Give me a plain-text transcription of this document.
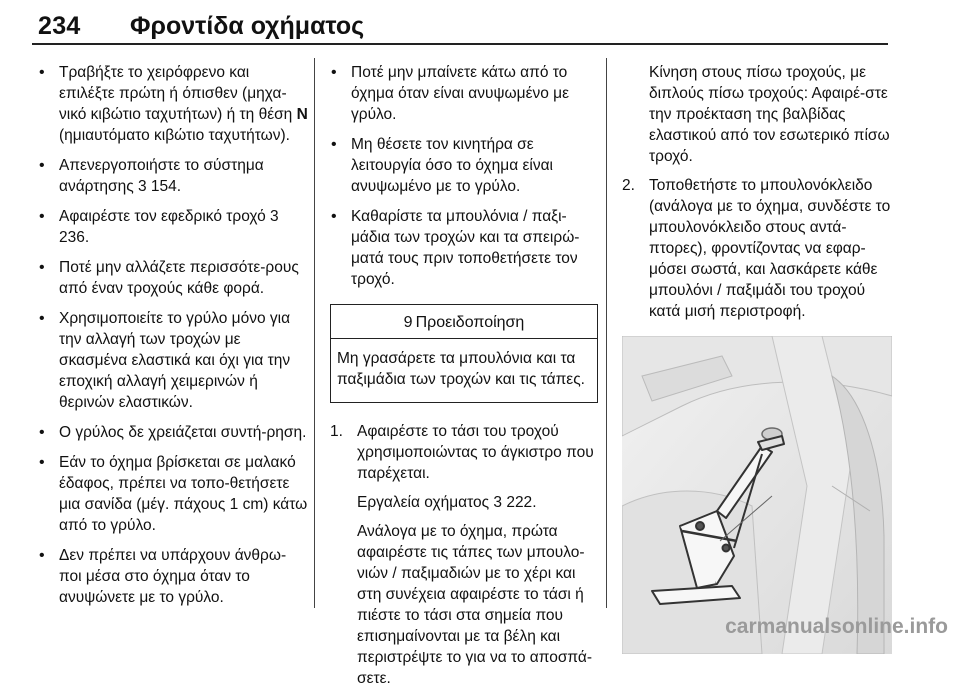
234 Φροντίδα οχήματος
• Τραβήξτε το χειρόφρενο και επιλέξτε πρώτη ή όπισθεν (μηχα-νικό κιβώτιο ταχυτήτων) ή τη θέση N (ημιαυτόματο κιβώτιο ταχυτήτων).
• Απενεργοποιήστε το σύστημα ανάρτησης 3 154.
• Αφαιρέστε τον εφεδρικό τροχό 3 236.
• Ποτέ μην αλλάζετε περισσότε-ρους από έναν τροχούς κάθε φορά.
• Χρησιμοποιείτε το γρύλο μόνο για την αλλαγή των τροχών με σκασμένα ελαστικά και όχι για την εποχική αλλαγή χειμερινών ή θερινών ελαστικών.
• Ο γρύλος δε χρειάζεται συντή-ρηση.
• Εάν το όχημα βρίσκεται σε μαλακό έδαφος, πρέπει να τοπο-θετήσετε μια σανίδα (μέγ. πάχους 1 cm) κάτω από το γρύλο.
• Δεν πρέπει να υπάρχουν άνθρω-ποι μέσα στο όχημα όταν το ανυψώνετε με το γρύλο.
• Ποτέ μην μπαίνετε κάτω από το όχημα όταν είναι ανυψωμένο με γρύλο.
• Μη θέσετε τον κινητήρα σε λειτουργία όσο το όχημα είναι ανυψωμένο με το γρύλο.
• Καθαρίστε τα μπουλόνια / παξι-μάδια των τροχών και τα σπειρώ-ματά τους πριν τοποθετήσετε τον τροχό.
9 Προειδοποίηση
Μη γρασάρετε τα μπουλόνια και τα παξιμάδια των τροχών και τις τάπες.
1. Αφαιρέστε το τάσι του τροχού χρησιμοποιώντας το άγκιστρο που παρέχεται.
Εργαλεία οχήματος 3 222.
Ανάλογα με το όχημα, πρώτα αφαιρέστε τις τάπες των μπουλο-νιών / παξιμαδιών με το χέρι και στη συνέχεια αφαιρέστε το τάσι ή πιέστε το τάσι στα σημεία που επισημαίνονται με τα βέλη και περιστρέψτε το για να το αποσπά-σετε.
Κίνηση στους πίσω τροχούς, με διπλούς πίσω τροχούς: Αφαιρέ-στε την προέκταση της βαλβίδας ελαστικού από τον εσωτερικό πίσω τροχό.
2. Τοποθετήστε το μπουλονόκλειδο (ανάλογα με το όχημα, συνδέστε το μπουλονόκλειδο στους αντά-πτορες), φροντίζοντας να εφαρ-μόσει σωστά, και λασκάρετε κάθε μπουλόνι / παξιμάδι του τροχού κατά μισή περιστροφή.
carmanualsonline.info
